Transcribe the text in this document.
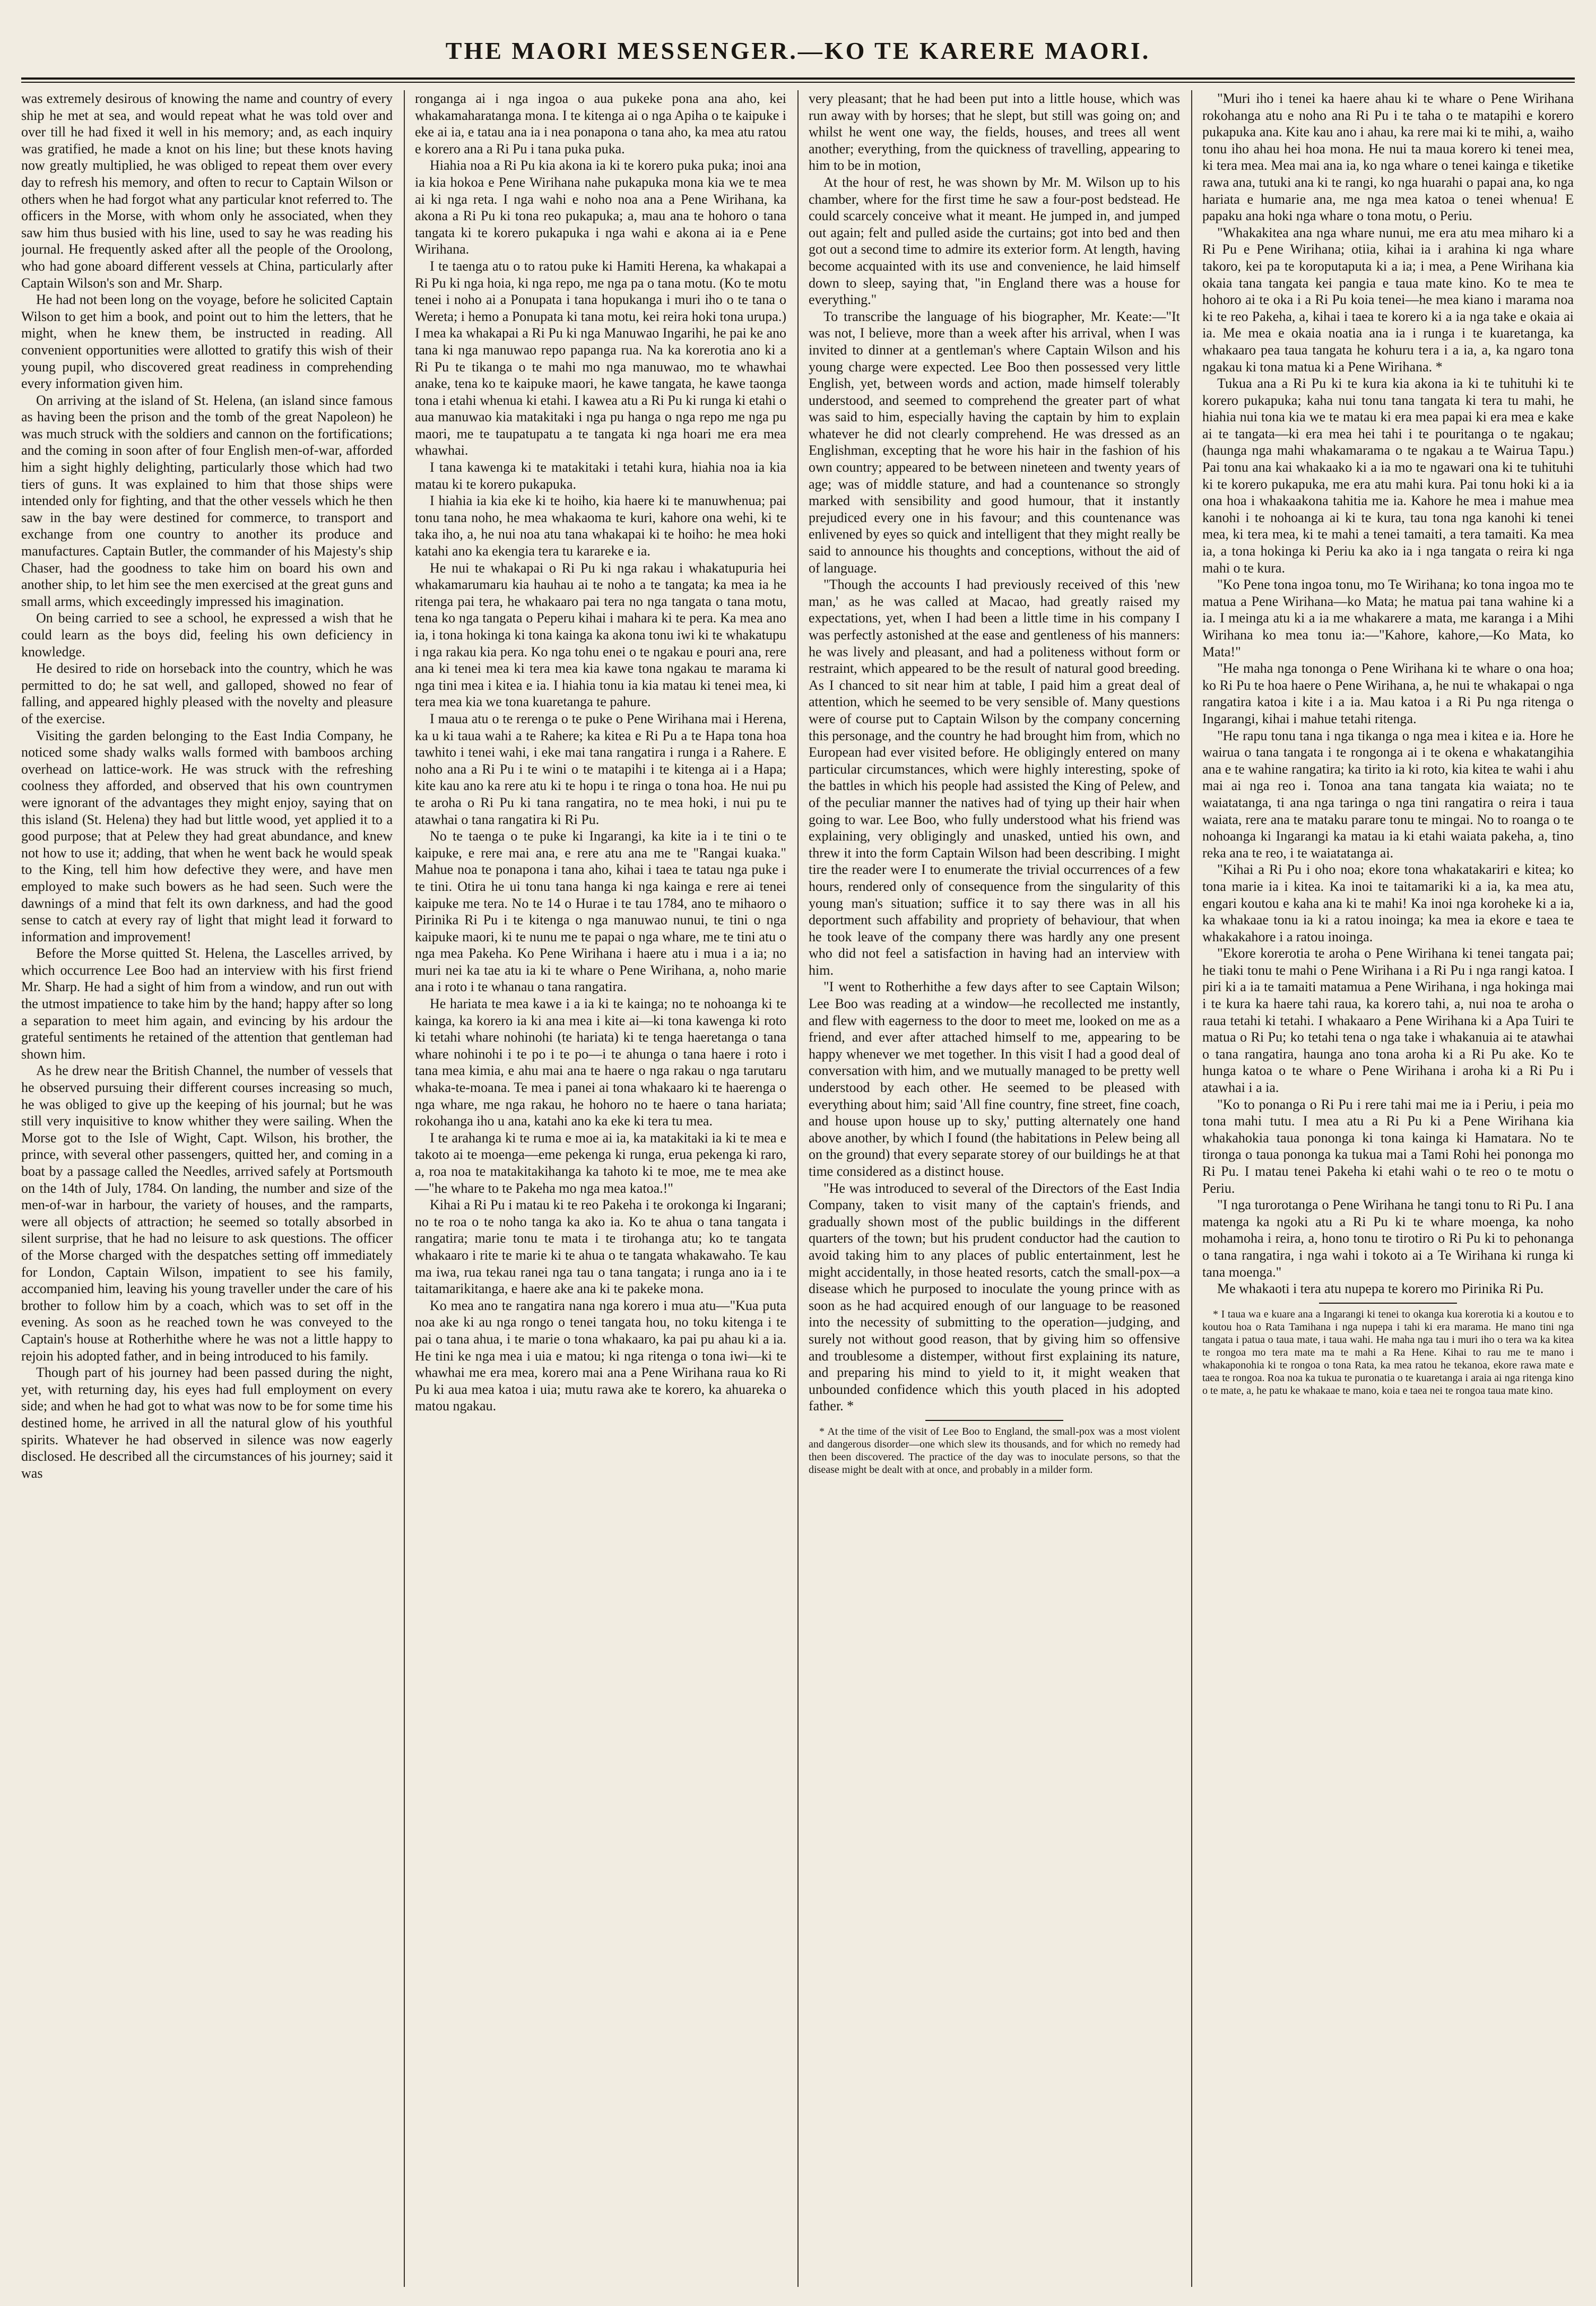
THE MAORI MESSENGER.—KO TE KARERE MAORI.

was extremely desirous of knowing the name and country of every ship he met at sea, and would repeat what he was told over and over till he had fixed it well in his memory; and, as each inquiry was gratified, he made a knot on his line; but these knots having now greatly multiplied, he was obliged to repeat them over every day to refresh his memory, and often to recur to Captain Wilson or others when he had forgot what any particular knot referred to. The officers in the Morse, with whom only he associated, when they saw him thus busied with his line, used to say he was reading his journal. He frequently asked after all the people of the Oroolong, who had gone aboard different vessels at China, particularly after Captain Wilson's son and Mr. Sharp.

He had not been long on the voyage, before he solicited Captain Wilson to get him a book, and point out to him the letters, that he might, when he knew them, be instructed in reading. All convenient opportunities were allotted to gratify this wish of their young pupil, who discovered great readiness in comprehending every information given him.

On arriving at the island of St. Helena, (an island since famous as having been the prison and the tomb of the great Napoleon) he was much struck with the soldiers and cannon on the fortifications; and the coming in soon after of four English men-of-war, afforded him a sight highly delighting, particularly those which had two tiers of guns. It was explained to him that those ships were intended only for fighting, and that the other vessels which he then saw in the bay were destined for commerce, to transport and exchange from one country to another its produce and manufactures. Captain Butler, the commander of his Majesty's ship Chaser, had the goodness to take him on board his own and another ship, to let him see the men exercised at the great guns and small arms, which exceedingly impressed his imagination.

On being carried to see a school, he expressed a wish that he could learn as the boys did, feeling his own deficiency in knowledge.

He desired to ride on horseback into the country, which he was permitted to do; he sat well, and galloped, showed no fear of falling, and appeared highly pleased with the novelty and pleasure of the exercise.

Visiting the garden belonging to the East India Company, he noticed some shady walks walls formed with bamboos arching overhead on lattice-work. He was struck with the refreshing coolness they afforded, and observed that his own countrymen were ignorant of the advantages they might enjoy, saying that on this island (St. Helena) they had but little wood, yet applied it to a good purpose; that at Pelew they had great abundance, and knew not how to use it; adding, that when he went back he would speak to the King, tell him how defective they were, and have men employed to make such bowers as he had seen. Such were the dawnings of a mind that felt its own darkness, and had the good sense to catch at every ray of light that might lead it forward to information and improvement!

Before the Morse quitted St. Helena, the Lascelles arrived, by which occurrence Lee Boo had an interview with his first friend Mr. Sharp. He had a sight of him from a window, and run out with the utmost impatience to take him by the hand; happy after so long a separation to meet him again, and evincing by his ardour the grateful sentiments he retained of the attention that gentleman had shown him.

As he drew near the British Channel, the number of vessels that he observed pursuing their different courses increasing so much, he was obliged to give up the keeping of his journal; but he was still very inquisitive to know whither they were sailing. When the Morse got to the Isle of Wight, Capt. Wilson, his brother, the prince, with several other passengers, quitted her, and coming in a boat by a passage called the Needles, arrived safely at Portsmouth on the 14th of July, 1784. On landing, the number and size of the men-of-war in harbour, the variety of houses, and the ramparts, were all objects of attraction; he seemed so totally absorbed in silent surprise, that he had no leisure to ask questions. The officer of the Morse charged with the despatches setting off immediately for London, Captain Wilson, impatient to see his family, accompanied him, leaving his young traveller under the care of his brother to follow him by a coach, which was to set off in the evening. As soon as he reached town he was conveyed to the Captain's house at Rotherhithe where he was not a little happy to rejoin his adopted father, and in being introduced to his family.

Though part of his journey had been passed during the night, yet, with returning day, his eyes had full employment on every side; and when he had got to what was now to be for some time his destined home, he arrived in all the natural glow of his youthful spirits. Whatever he had observed in silence was now eagerly disclosed. He described all the circumstances of his journey; said it was

ronganga ai i nga ingoa o aua pukeke pona ana aho, kei whakamaharatanga mona. I te kitenga ai o nga Apiha o te kaipuke i eke ai ia, e tatau ana ia i nea ponapona o tana aho, ka mea atu ratou e korero ana a Ri Pu i tana puka puka.

Hiahia noa a Ri Pu kia akona ia ki te korero puka puka; inoi ana ia kia hokoa e Pene Wirihana nahe pukapuka mona kia we te mea ai ki nga reta. I nga wahi e noho noa ana a Pene Wirihana, ka akona a Ri Pu ki tona reo pukapuka; a, mau ana te hohoro o tana tangata ki te korero pukapuka i nga wahi e akona ai ia e Pene Wirihana.

I te taenga atu o to ratou puke ki Hamiti Herena, ka whakapai a Ri Pu ki nga hoia, ki nga repo, me nga pa o tana motu. (Ko te motu tenei i noho ai a Ponupata i tana hopukanga i muri iho o te tana o Wereta; i hemo a Ponupata ki tana motu, kei reira hoki tona urupa.) I mea ka whakapai a Ri Pu ki nga Manuwao Ingarihi, he pai ke ano tana ki nga manuwao repo papanga rua. Na ka korerotia ano ki a Ri Pu te tikanga o te mahi mo nga manuwao, mo te whawhai anake, tena ko te kaipuke maori, he kawe tangata, he kawe taonga tona i etahi whenua ki etahi. I kawea atu a Ri Pu ki runga ki etahi o aua manuwao kia matakitaki i nga pu hanga o nga repo me nga pu maori, me te taupatupatu a te tangata ki nga hoari me era mea whawhai.

I tana kawenga ki te matakitaki i tetahi kura, hiahia noa ia kia matau ki te korero pukapuka.

I hiahia ia kia eke ki te hoiho, kia haere ki te manuwhenua; pai tonu tana noho, he mea whakaoma te kuri, kahore ona wehi, ki te taka iho, a, he nui noa atu tana whakapai ki te hoiho: he mea hoki katahi ano ka ekengia tera tu karareke e ia.

He nui te whakapai o Ri Pu ki nga rakau i whakatupuria hei whakamarumaru kia hauhau ai te noho a te tangata; ka mea ia he ritenga pai tera, he whakaaro pai tera no nga tangata o tana motu, tena ko nga tangata o Peperu kihai i mahara ki te pera. Ka mea ano ia, i tona hokinga ki tona kainga ka akona tonu iwi ki te whakatupu i nga rakau kia pera. Ko nga tohu enei o te ngakau e pouri ana, rere ana ki tenei mea ki tera mea kia kawe tona ngakau te marama ki nga tini mea i kitea e ia. I hiahia tonu ia kia matau ki tenei mea, ki tera mea kia we tona kuaretanga te pahure.

I maua atu o te rerenga o te puke o Pene Wirihana mai i Herena, ka u ki taua wahi a te Rahere; ka kitea e Ri Pu a te Hapa tona hoa tawhito i tenei wahi, i eke mai tana rangatira i runga i a Rahere. E noho ana a Ri Pu i te wini o te matapihi i te kitenga ai i a Hapa; kite kau ano ka rere atu ki te hopu i te ringa o tona hoa. He nui pu te aroha o Ri Pu ki tana rangatira, no te mea hoki, i nui pu te atawhai o tana rangatira ki Ri Pu.

No te taenga o te puke ki Ingarangi, ka kite ia i te tini o te kaipuke, e rere mai ana, e rere atu ana me te "Rangai kuaka." Mahue noa te ponapona i tana aho, kihai i taea te tatau nga puke i te tini. Otira he ui tonu tana hanga ki nga kainga e rere ai tenei kaipuke me tera. No te 14 o Hurae i te tau 1784, ano te mihaoro o Pirinika Ri Pu i te kitenga o nga manuwao nunui, te tini o nga kaipuke maori, ki te nunu me te papai o nga whare, me te tini atu o nga mea Pakeha. Ko Pene Wirihana i haere atu i mua i a ia; no muri nei ka tae atu ia ki te whare o Pene Wirihana, a, noho marie ana i roto i te whanau o tana rangatira.

He hariata te mea kawe i a ia ki te kainga; no te nohoanga ki te kainga, ka korero ia ki ana mea i kite ai—ki tona kawenga ki roto ki tetahi whare nohinohi (te hariata) ki te tenga haeretanga o tana whare nohinohi i te po i te po—i te ahunga o tana haere i roto i tana mea kimia, e ahu mai ana te haere o nga rakau o nga tarutaru whaka-te-moana. Te mea i panei ai tona whakaaro ki te haerenga o nga whare, me nga rakau, he hohoro no te haere o tana hariata; rokohanga iho u ana, katahi ano ka eke ki tera tu mea.

I te arahanga ki te ruma e moe ai ia, ka matakitaki ia ki te mea e takoto ai te moenga—eme pekenga ki runga, erua pekenga ki raro, a, roa noa te matakitakihanga ka tahoto ki te moe, me te mea ake—"he whare to te Pakeha mo nga mea katoa.!"

Kihai a Ri Pu i matau ki te reo Pakeha i te orokonga ki Ingarani; no te roa o te noho tanga ka ako ia. Ko te ahua o tana tangata i rangatira; marie tonu te mata i te tirohanga atu; ko te tangata whakaaro i rite te marie ki te ahua o te tangata whakawaho. Te kau ma iwa, rua tekau ranei nga tau o tana tangata; i runga ano ia i te taitamarikitanga, e haere ake ana ki te pakeke mona.

Ko mea ano te rangatira nana nga korero i mua atu—"Kua puta noa ake ki au nga rongo o tenei tangata hou, no toku kitenga i te pai o tana ahua, i te marie o tona whakaaro, ka pai pu ahau ki a ia. He tini ke nga mea i uia e matou; ki nga ritenga o tona iwi—ki te whawhai me era mea, korero mai ana a Pene Wirihana raua ko Ri Pu ki aua mea katoa i uia; mutu rawa ake te korero, ka ahuareka o matou ngakau.

very pleasant; that he had been put into a little house, which was run away with by horses; that he slept, but still was going on; and whilst he went one way, the fields, houses, and trees all went another; everything, from the quickness of travelling, appearing to him to be in motion,

At the hour of rest, he was shown by Mr. M. Wilson up to his chamber, where for the first time he saw a four-post bedstead. He could scarcely conceive what it meant. He jumped in, and jumped out again; felt and pulled aside the curtains; got into bed and then got out a second time to admire its exterior form. At length, having become acquainted with its use and convenience, he laid himself down to sleep, saying that, "in England there was a house for everything."

To transcribe the language of his biographer, Mr. Keate:—"It was not, I believe, more than a week after his arrival, when I was invited to dinner at a gentleman's where Captain Wilson and his young charge were expected. Lee Boo then possessed very little English, yet, between words and action, made himself tolerably understood, and seemed to comprehend the greater part of what was said to him, especially having the captain by him to explain whatever he did not clearly comprehend. He was dressed as an Englishman, excepting that he wore his hair in the fashion of his own country; appeared to be between nineteen and twenty years of age; was of middle stature, and had a countenance so strongly marked with sensibility and good humour, that it instantly prejudiced every one in his favour; and this countenance was enlivened by eyes so quick and intelligent that they might really be said to announce his thoughts and conceptions, without the aid of of language.

"Though the accounts I had previously received of this 'new man,' as he was called at Macao, had greatly raised my expectations, yet, when I had been a little time in his company I was perfectly astonished at the ease and gentleness of his manners: he was lively and pleasant, and had a politeness without form or restraint, which appeared to be the result of natural good breeding. As I chanced to sit near him at table, I paid him a great deal of attention, which he seemed to be very sensible of. Many questions were of course put to Captain Wilson by the company concerning this personage, and the country he had brought him from, which no European had ever visited before. He obligingly entered on many particular circumstances, which were highly interesting, spoke of the battles in which his people had assisted the King of Pelew, and of the peculiar manner the natives had of tying up their hair when going to war. Lee Boo, who fully understood what his friend was explaining, very obligingly and unasked, untied his own, and threw it into the form Captain Wilson had been describing. I might tire the reader were I to enumerate the trivial occurrences of a few hours, rendered only of consequence from the singularity of this young man's situation; suffice it to say there was in all his deportment such affability and propriety of behaviour, that when he took leave of the company there was hardly any one present who did not feel a satisfaction in having had an interview with him.

"I went to Rotherhithe a few days after to see Captain Wilson; Lee Boo was reading at a window—he recollected me instantly, and flew with eagerness to the door to meet me, looked on me as a friend, and ever after attached himself to me, appearing to be happy whenever we met together. In this visit I had a good deal of conversation with him, and we mutually managed to be pretty well understood by each other. He seemed to be pleased with everything about him; said 'All fine country, fine street, fine coach, and house upon house up to sky,' putting alternately one hand above another, by which I found (the habitations in Pelew being all on the ground) that every separate storey of our buildings he at that time considered as a distinct house.

"He was introduced to several of the Directors of the East India Company, taken to visit many of the captain's friends, and gradually shown most of the public buildings in the different quarters of the town; but his prudent conductor had the caution to avoid taking him to any places of public entertainment, lest he might accidentally, in those heated resorts, catch the small-pox—a disease which he purposed to inoculate the young prince with as soon as he had acquired enough of our language to be reasoned into the necessity of submitting to the operation—judging, and surely not without good reason, that by giving him so offensive and troublesome a distemper, without first explaining its nature, and preparing his mind to yield to it, it might weaken that unbounded confidence which this youth placed in his adopted father. *

* At the time of the visit of Lee Boo to England, the small-pox was a most violent and dangerous disorder—one which slew its thousands, and for which no remedy had then been discovered. The practice of the day was to inoculate persons, so that the disease might be dealt with at once, and probably in a milder form.

"Muri iho i tenei ka haere ahau ki te whare o Pene Wirihana rokohanga atu e noho ana Ri Pu i te taha o te matapihi e korero pukapuka ana. Kite kau ano i ahau, ka rere mai ki te mihi, a, waiho tonu iho ahau hei hoa mona. He nui ta maua korero ki tenei mea, ki tera mea. Mea mai ana ia, ko nga whare o tenei kainga e tiketike rawa ana, tutuki ana ki te rangi, ko nga huarahi o papai ana, ko nga hariata e humarie ana, me nga mea katoa o tenei whenua! E papaku ana hoki nga whare o tona motu, o Periu.

"Whakakitea ana nga whare nunui, me era atu mea miharo ki a Ri Pu e Pene Wirihana; otiia, kihai ia i arahina ki nga whare takoro, kei pa te koroputaputa ki a ia; i mea, a Pene Wirihana kia okaia tana tangata kei pangia e taua mate kino. Ko te mea te hohoro ai te oka i a Ri Pu koia tenei—he mea kiano i marama noa ki te reo Pakeha, a, kihai i taea te korero ki a ia nga take e okaia ai ia. Me mea e okaia noatia ana ia i runga i te kuaretanga, ka whakaaro pea taua tangata he kohuru tera i a ia, a, ka ngaro tona ngakau ki tona matua ki a Pene Wirihana. *

Tukua ana a Ri Pu ki te kura kia akona ia ki te tuhituhi ki te korero pukapuka; kaha nui tonu tana tangata ki tera tu mahi, he hiahia nui tona kia we te matau ki era mea papai ki era mea e kake ai te tangata—ki era mea hei tahi i te pouritanga o te ngakau; (haunga nga mahi whakamarama o te ngakau a te Wairua Tapu.) Pai tonu ana kai whakaako ki a ia mo te ngawari ona ki te tuhituhi ki te korero pukapuka, me era atu mahi kura. Pai tonu hoki ki a ia ona hoa i whakaakona tahitia me ia. Kahore he mea i mahue mea kanohi i te nohoanga ai ki te kura, tau tona nga kanohi ki tenei mea, ki tera mea, ki te mahi a tenei tamaiti, a tera tamaiti. Ka mea ia, a tona hokinga ki Periu ka ako ia i nga tangata o reira ki nga mahi o te kura.

"Ko Pene tona ingoa tonu, mo Te Wirihana; ko tona ingoa mo te matua a Pene Wirihana—ko Mata; he matua pai tana wahine ki a ia. I meinga atu ki a ia me whakarere a mata, me karanga i a Mihi Wirihana ko mea tonu ia:—"Kahore, kahore,—Ko Mata, ko Mata!"

"He maha nga tononga o Pene Wirihana ki te whare o ona hoa; ko Ri Pu te hoa haere o Pene Wirihana, a, he nui te whakapai o nga rangatira katoa i kite i a ia. Mau katoa i a Ri Pu nga ritenga o Ingarangi, kihai i mahue tetahi ritenga.

"He rapu tonu tana i nga tikanga o nga mea i kitea e ia. Hore he wairua o tana tangata i te rongonga ai i te okena e whakatangihia ana e te wahine rangatira; ka tirito ia ki roto, kia kitea te wahi i ahu mai ai nga reo i. Tonoa ana tana tangata kia waiata; no te waiatatanga, ti ana nga taringa o nga tini rangatira o reira i taua waiata, rere ana te mataku parare tonu te mingai. No to roanga o te nohoanga ki Ingarangi ka matau ia ki etahi waiata pakeha, a, tino reka ana te reo, i te waiatatanga ai.

"Kihai a Ri Pu i oho noa; ekore tona whakatakariri e kitea; ko tona marie ia i kitea. Ka inoi te taitamariki ki a ia, ka mea atu, engari koutou e kaha ana ki te mahi! Ka inoi nga koroheke ki a ia, ka whakaae tonu ia ki a ratou inoinga; ka mea ia ekore e taea te whakakahore i a ratou inoinga.

"Ekore korerotia te aroha o Pene Wirihana ki tenei tangata pai; he tiaki tonu te mahi o Pene Wirihana i a Ri Pu i nga rangi katoa. I piri ki a ia te tamaiti matamua a Pene Wirihana, i nga hokinga mai i te kura ka haere tahi raua, ka korero tahi, a, nui noa te aroha o raua tetahi ki tetahi. I whakaaro a Pene Wirihana ki a Apa Tuiri te matua o Ri Pu; ko tetahi tena o nga take i whakanuia ai te atawhai o tana rangatira, haunga ano tona aroha ki a Ri Pu ake. Ko te hunga katoa o te whare o Pene Wirihana i aroha ki a Ri Pu i atawhai i a ia.

"Ko to ponanga o Ri Pu i rere tahi mai me ia i Periu, i peia mo tona mahi tutu. I mea atu a Ri Pu ki a Pene Wirihana kia whakahokia taua pononga ki tona kainga ki Hamatara. No te tironga o taua pononga ka tukua mai a Tami Rohi hei pononga mo Ri Pu. I matau tenei Pakeha ki etahi wahi o te reo o te motu o Periu.

"I nga turorotanga o Pene Wirihana he tangi tonu to Ri Pu. I ana matenga ka ngoki atu a Ri Pu ki te whare moenga, ka noho mohamoha i reira, a, hono tonu te tirotiro o Ri Pu ki to pehonanga o tana rangatira, i nga wahi i tokoto ai a Te Wirihana ki runga ki tana moenga."

Me whakaoti i tera atu nupepa te korero mo Pirinika Ri Pu.

* I taua wa e kuare ana a Ingarangi ki tenei to okanga kua korerotia ki a koutou e to koutou hoa o Rata Tamihana i nga nupepa i tahi ki era marama. He mano tini nga tangata i patua o taua mate, i taua wahi. He maha nga tau i muri iho o tera wa ka kitea te rongoa mo tera mate ma te mahi a Ra Hene. Kihai to rau me te mano i whakaponohia ki te rongoa o tona Rata, ka mea ratou he tekanoa, ekore rawa mate e taea te rongoa. Roa noa ka tukua te puronatia o te kuaretanga i araia ai nga ritenga kino o te mate, a, he patu ke whakaae te mano, koia e taea nei te rongoa taua mate kino.
